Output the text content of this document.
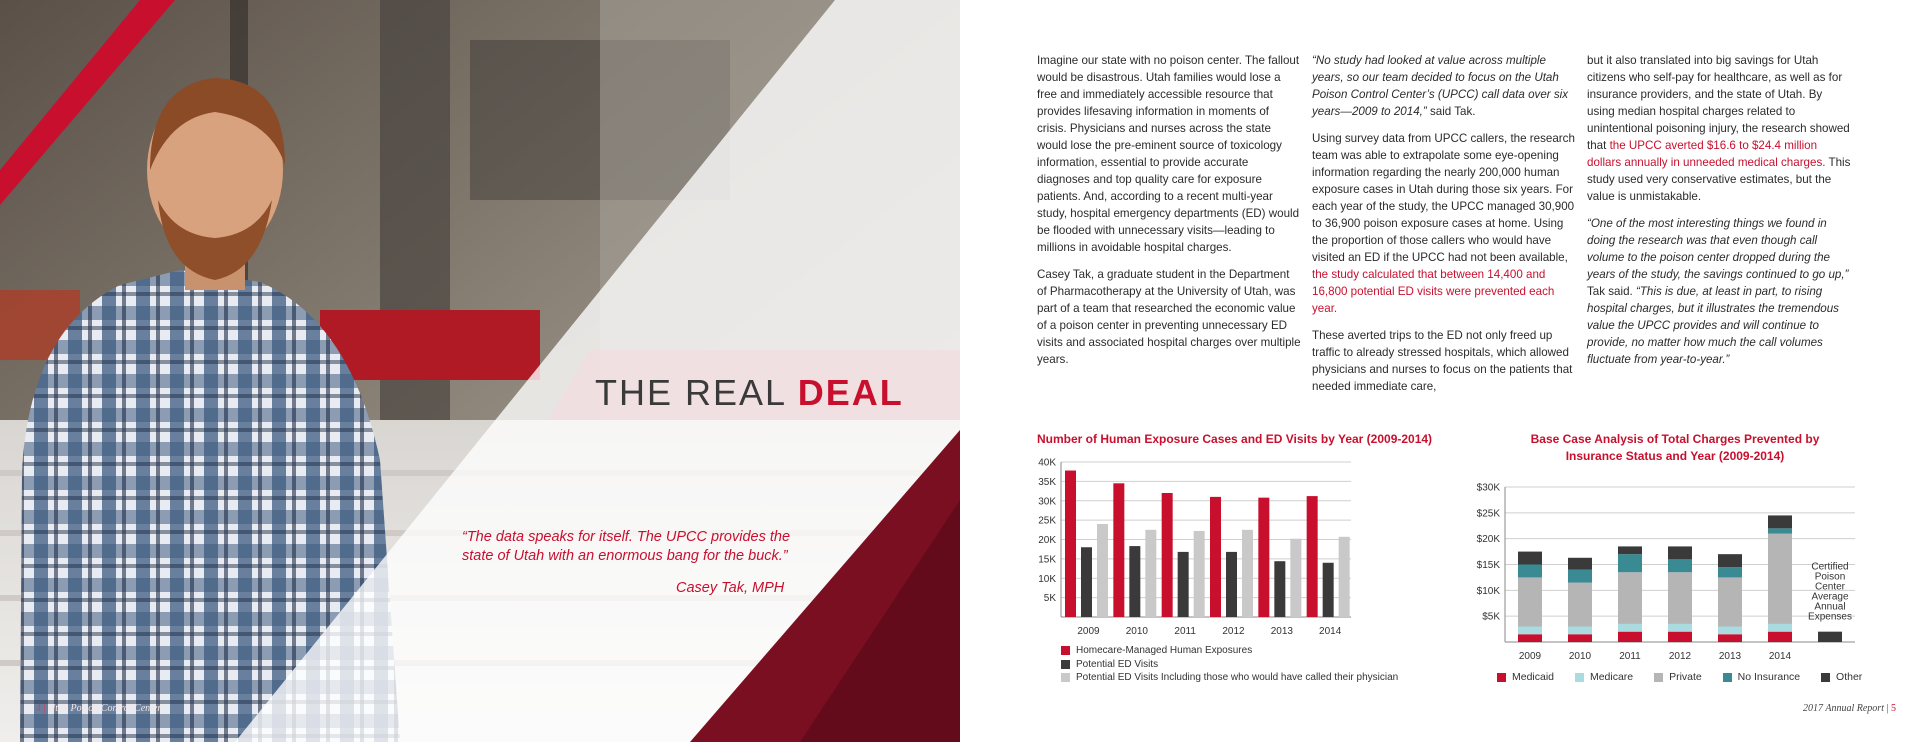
THE REAL DEAL
“The data speaks for itself. The UPCC provides the state of Utah with an enormous bang for the buck.”
Casey Tak, MPH
4 | Utah Poison Control Center

Imagine our state with no poison center. The fallout would be disastrous. Utah families would lose a free and immediately accessible resource that provides lifesaving information in moments of crisis. Physicians and nurses across the state would lose the pre-eminent source of toxicology information, essential to provide accurate diagnoses and top quality care for exposure patients. And, according to a recent multi-year study, hospital emergency departments (ED) would be flooded with unnecessary visits—leading to millions in avoidable hospital charges.

Casey Tak, a graduate student in the Department of Pharmacotherapy at the University of Utah, was part of a team that researched the economic value of a poison center in preventing unnecessary ED visits and associated hospital charges over multiple years.

“No study had looked at value across multiple years, so our team decided to focus on the Utah Poison Control Center’s (UPCC) call data over six years—2009 to 2014,” said Tak.

Using survey data from UPCC callers, the research team was able to extrapolate some eye-opening information regarding the nearly 200,000 human exposure cases in Utah during those six years. For each year of the study, the UPCC managed 30,900 to 36,900 poison exposure cases at home. Using the proportion of those callers who would have visited an ED if the UPCC had not been available, the study calculated that between 14,400 and 16,800 potential ED visits were prevented each year.

These averted trips to the ED not only freed up traffic to already stressed hospitals, which allowed physicians and nurses to focus on the patients that needed immediate care,

but it also translated into big savings for Utah citizens who self-pay for healthcare, as well as for insurance providers, and the state of Utah. By using median hospital charges related to unintentional poisoning injury, the research showed that the UPCC averted $16.6 to $24.4 million dollars annually in unneeded medical charges. This study used very conservative estimates, but the value is unmistakable.

“One of the most interesting things we found in doing the research was that even though call volume to the poison center dropped during the years of the study, the savings continued to go up,” Tak said. “This is due, at least in part, to rising hospital charges, but it illustrates the tremendous value the UPCC provides and will continue to provide, no matter how much the call volumes fluctuate from year-to-year.”

Number of Human Exposure Cases and ED Visits by Year (2009-2014)
5K
10K
15K
20K
25K
30K
35K
40K
2009	2010	2011	2012	2013	2014
Homecare-Managed Human Exposures
Potential ED Visits
Potential ED Visits Including those who would have called their physician
Base Case Analysis of Total Charges Prevented by Insurance Status and Year (2009-2014)
$5K
$10K
$15K
$20K
$25K
$30K
2009	2010	2011	2012	2013	2014
Certified
Poison
Center
Average
Annual
Expenses
Medicaid
	Medicare
	Private
	No Insurance
	Other
2017 Annual Report | 5
